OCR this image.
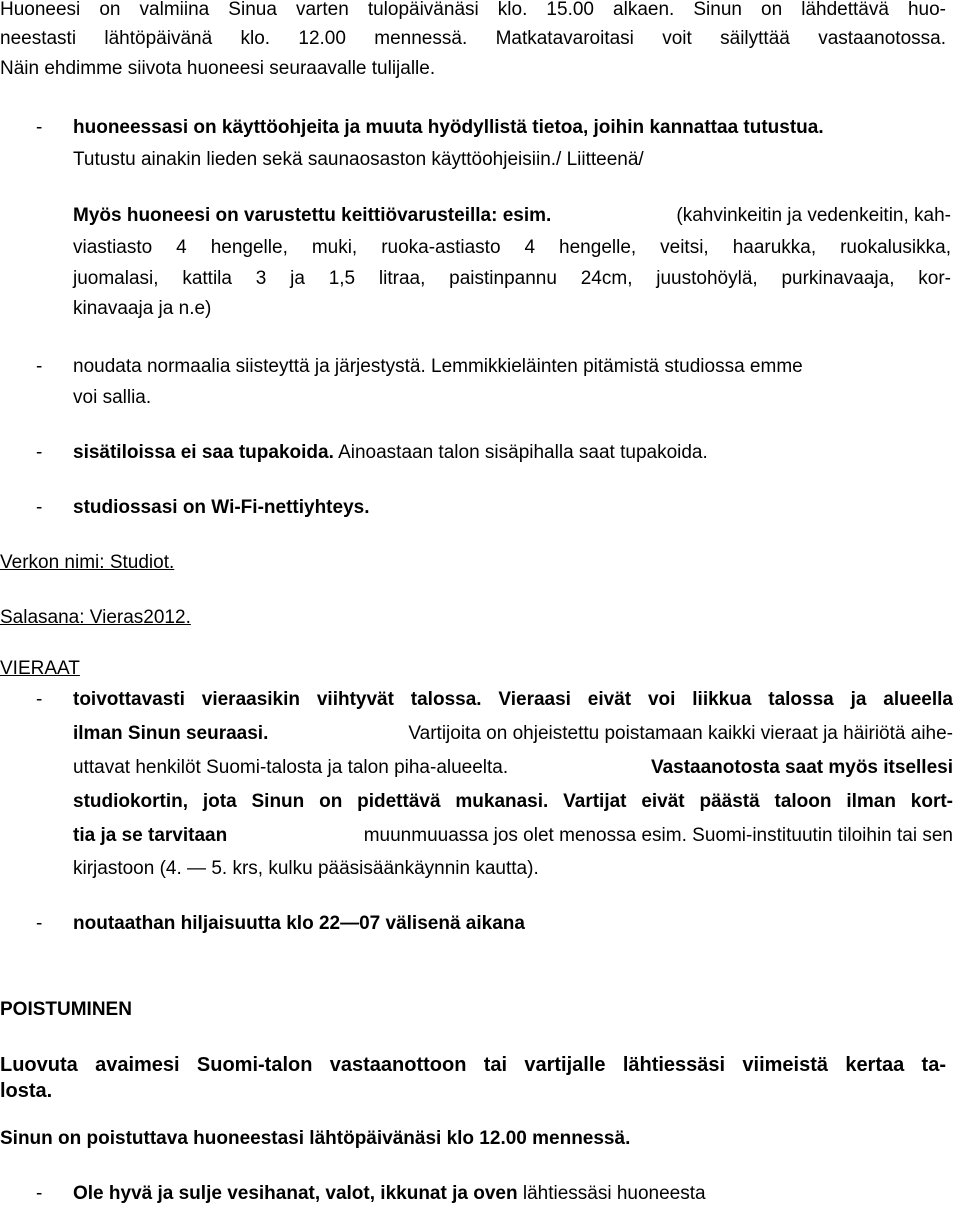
Huoneesi on valmiina Sinua varten tulopäivänäsi klo. 15.00 alkaen. Sinun on lähdettävä huo-
neestasti lähtöpäivänä klo. 12.00 mennessä. Matkatavaroitasi voit säilyttää vastaanotossa.
Näin ehdimme siivota huoneesi seuraavalle tulijalle.
- huoneessasi on käyttöohjeita ja muuta hyödyllistä tietoa, joihin kannattaa tutustua.
Tutustu ainakin lieden sekä saunaosaston käyttöohjeisiin./ Liitteenä/
Myös huoneesi on varustettu keittiövarusteilla: esim.	(kahvinkeitin ja vedenkeitin, kah-
viastiasto 4 hengelle, muki, ruoka-astiasto 4 hengelle, veitsi, haarukka, ruokalusikka,
juomalasi, kattila 3 ja 1,5 litraa, paistinpannu 24cm, juustohöylä, purkinavaaja, kor-
kinavaaja ja n.e)
- noudata normaalia siisteyttä ja järjestystä. Lemmikkieläinten pitämistä studiossa emme
voi sallia.
- sisätiloissa ei saa tupakoida. Ainoastaan talon sisäpihalla saat tupakoida.
- studiossasi on Wi-Fi-nettiyhteys.
Verkon nimi: Studiot.
Salasana: Vieras2012.
VIERAAT
- toivottavasti vieraasikin viihtyvät talossa. Vieraasi eivät voi liikkua talossa ja alueella
ilman Sinun seuraasi.	Vartijoita on ohjeistettu poistamaan kaikki vieraat ja häiriötä aihe-
uttavat henkilöt Suomi-talosta ja talon piha-alueelta.	Vastaanotosta saat myös itsellesi
studiokortin, jota Sinun on pidettävä mukanasi. Vartijat eivät päästä taloon ilman kort-
tia ja se tarvitaan	muunmuuassa jos olet menossa esim. Suomi-instituutin tiloihin tai sen
kirjastoon (4. — 5. krs, kulku pääsisäänkäynnin kautta).
- noutaathan hiljaisuutta klo 22—07 välisenä aikana
POISTUMINEN
Luovuta avaimesi Suomi-talon vastaanottoon tai vartijalle lähtiessäsi viimeistä kertaa ta-
losta.
Sinun on poistuttava huoneestasi lähtöpäivänäsi klo 12.00 mennessä.
- Ole hyvä ja sulje vesihanat, valot, ikkunat ja oven lähtiessäsi huoneesta
